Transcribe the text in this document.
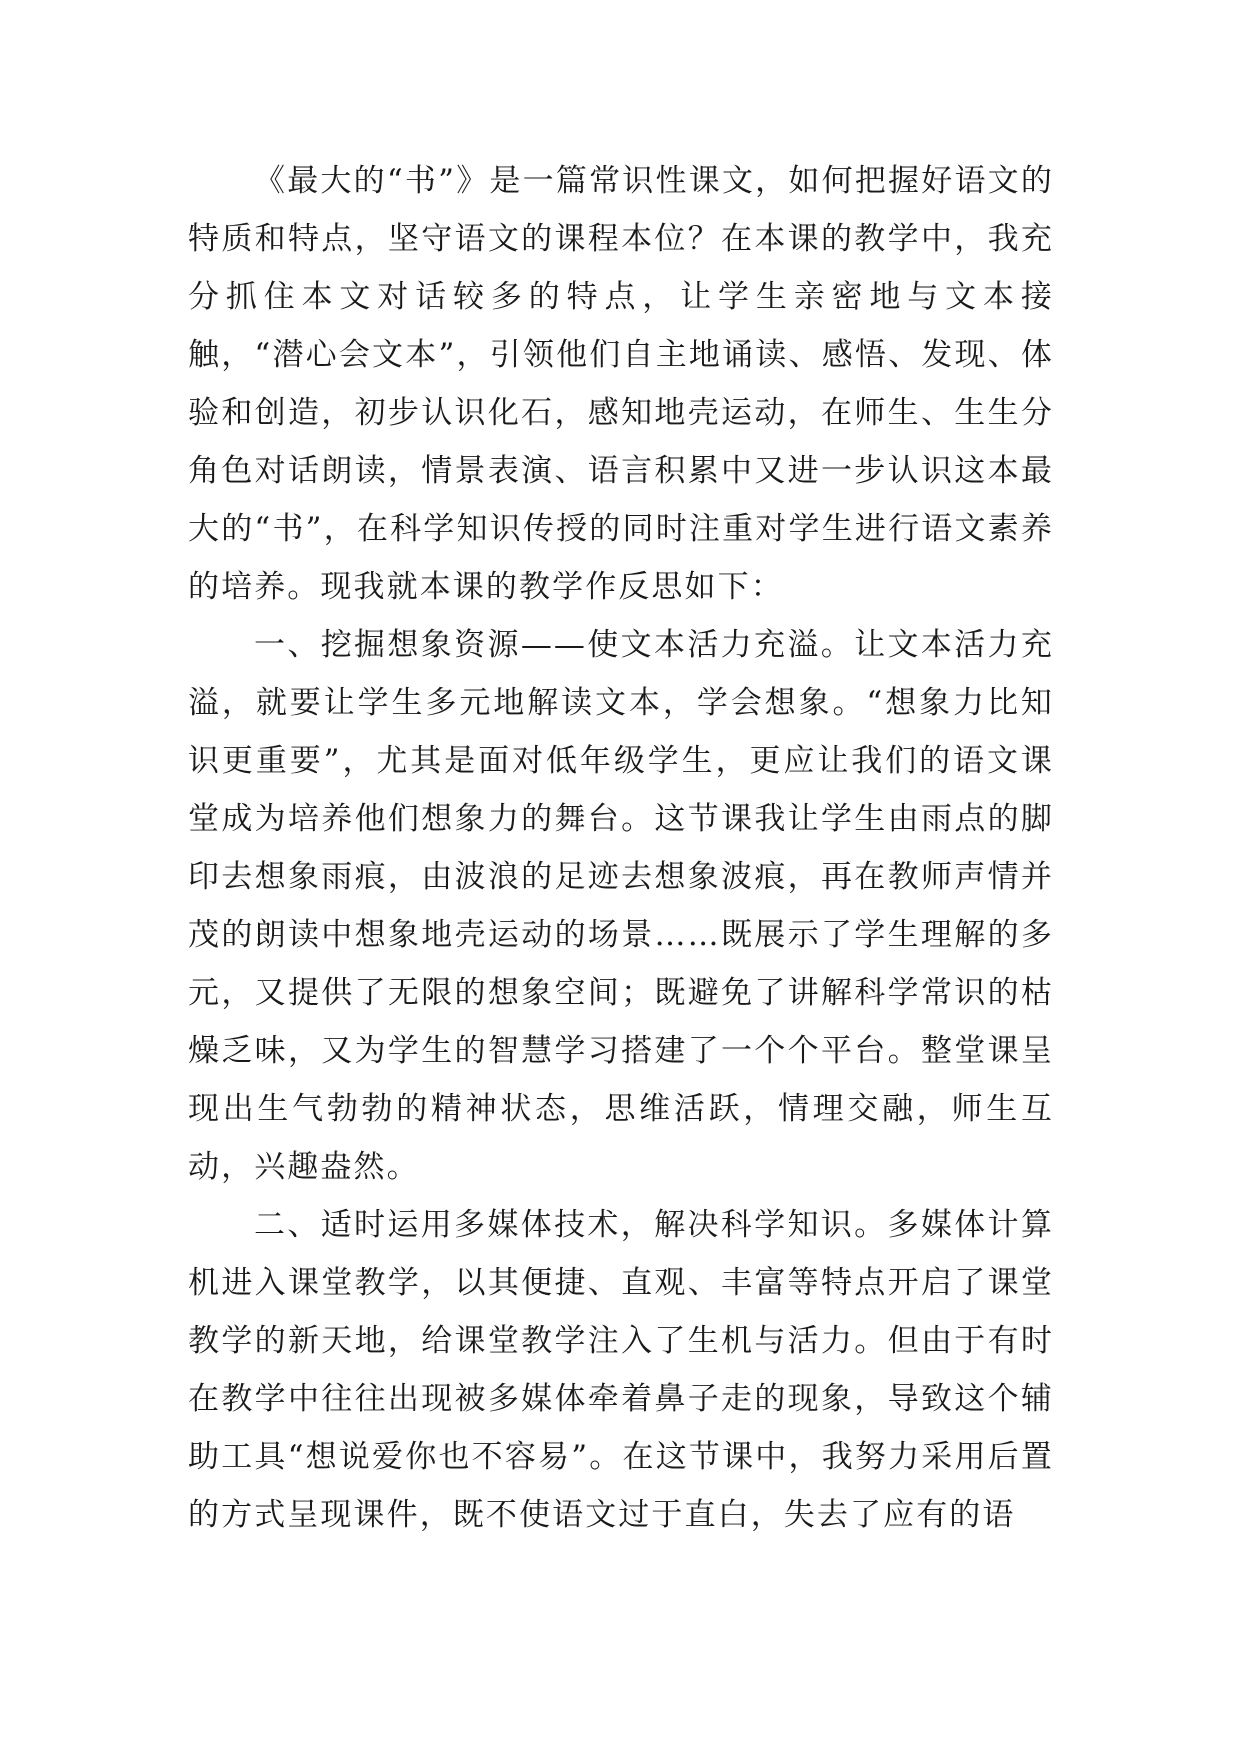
《最大的“书”》是一篇常识性课文，如何把握好语文的特质和特点，坚守语文的课程本位？在本课的教学中，我充分抓住本文对话较多的特点，让学生亲密地与文本接触，“潜心会文本”，引领他们自主地诵读、感悟、发现、体验和创造，初步认识化石，感知地壳运动，在师生、生生分角色对话朗读，情景表演、语言积累中又进一步认识这本最大的“书”，在科学知识传授的同时注重对学生进行语文素养的培养。现我就本课的教学作反思如下：

一、挖掘想象资源——使文本活力充溢。让文本活力充溢，就要让学生多元地解读文本，学会想象。“想象力比知识更重要”，尤其是面对低年级学生，更应让我们的语文课堂成为培养他们想象力的舞台。这节课我让学生由雨点的脚印去想象雨痕，由波浪的足迹去想象波痕，再在教师声情并茂的朗读中想象地壳运动的场景……既展示了学生理解的多元，又提供了无限的想象空间；既避免了讲解科学常识的枯燥乏味，又为学生的智慧学习搭建了一个个平台。整堂课呈现出生气勃勃的精神状态，思维活跃，情理交融，师生互动，兴趣盎然。

二、适时运用多媒体技术，解决科学知识。多媒体计算机进入课堂教学，以其便捷、直观、丰富等特点开启了课堂教学的新天地，给课堂教学注入了生机与活力。但由于有时在教学中往往出现被多媒体牵着鼻子走的现象，导致这个辅助工具“想说爱你也不容易”。在这节课中，我努力采用后置的方式呈现课件，既不使语文过于直白，失去了应有的语
